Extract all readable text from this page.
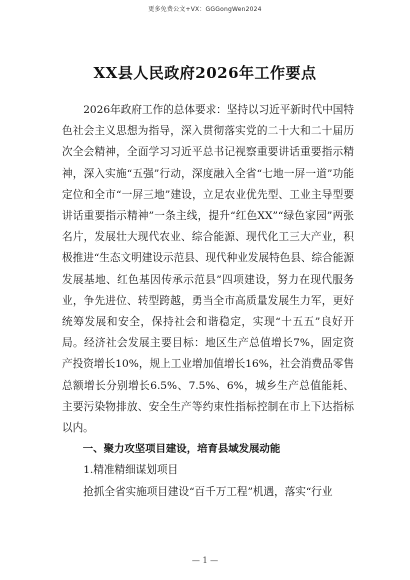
更多免费公文+VX：GGGongWen2024
XX县人民政府2026年工作要点

2026年政府工作的总体要求：坚持以习近平新时代中国特色社会主义思想为指导，深入贯彻落实党的二十大和二十届历次全会精神，全面学习习近平总书记视察重要讲话重要指示精神，深入实施“五强”行动，深度融入全省“七地一屏一道”功能定位和全市“一屏三地”建设，立足农业优先型、工业主导型要讲话重要指示精神”一条主线，提升“红色XX”“绿色家园”两张名片，发展壮大现代农业、综合能源、现代化工三大产业，积极推进“生态文明建设示范县、现代种业发展特色县、综合能源发展基地、红色基因传承示范县”四项建设，努力在现代服务业，争先进位、转型跨越，勇当全市高质量发展生力军，更好统筹发展和安全，保持社会和谐稳定，实现“十五五”良好开局。经济社会发展主要目标：地区生产总值增长7%，固定资产投资增长10%，规上工业增加值增长16%，社会消费品零售总额增长分别增长6.5%、7.5%、6%，城乡生产总值能耗、主要污染物排放、安全生产等约束性指标控制在市上下达指标以内。

一、聚力攻坚项目建设，培育县域发展动能

1.精准精细谋划项目

抢抓全省实施项目建设“百千万工程”机遇，落实“行业

— 1 —
